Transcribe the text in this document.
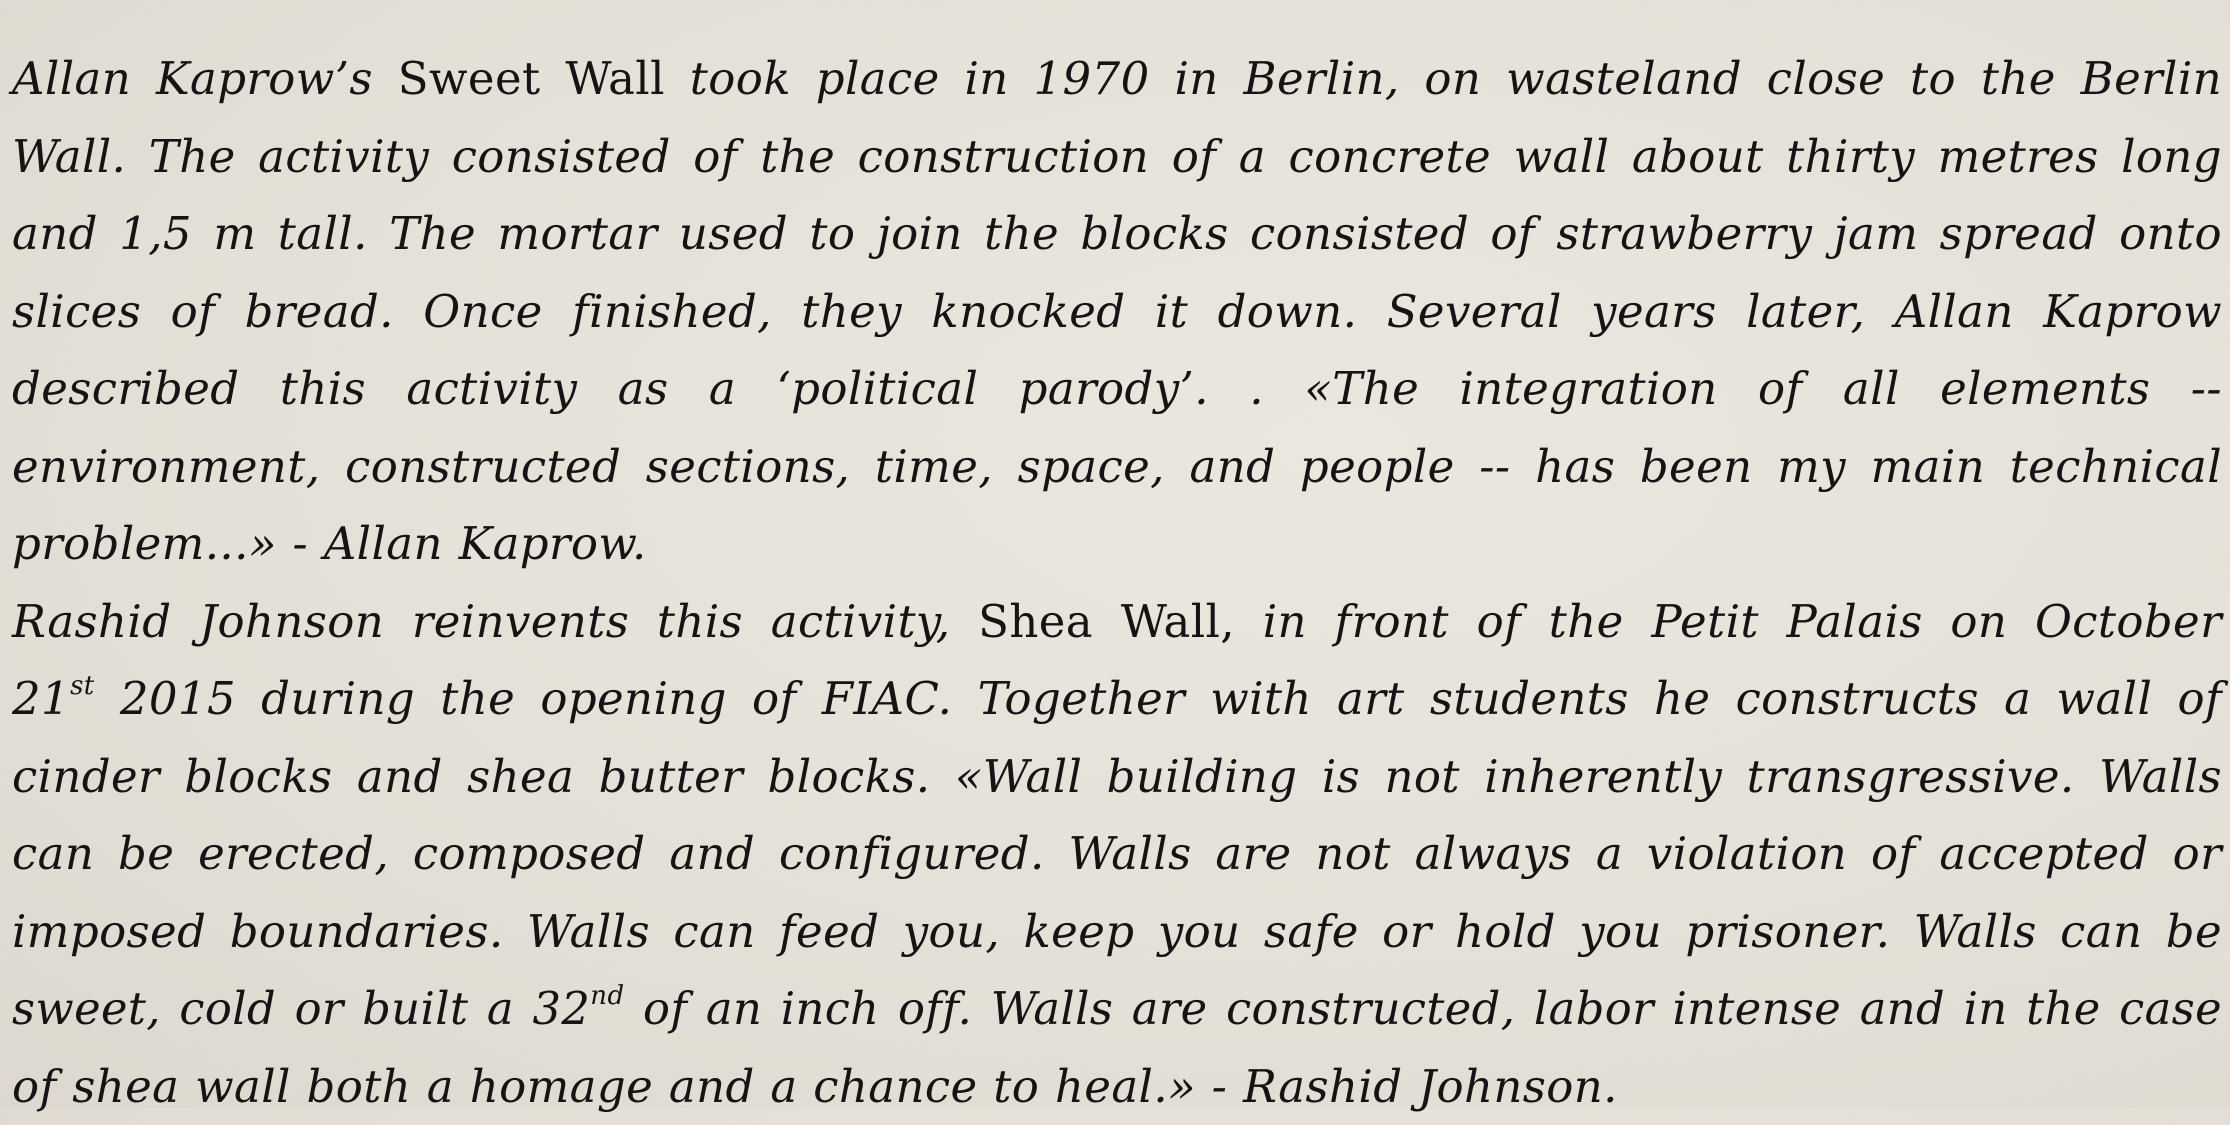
Allan Kaprow’s Sweet Wall took place in 1970 in Berlin, on wasteland close to the Berlin
Wall. The activity consisted of the construction of a concrete wall about thirty metres long
and 1,5 m tall. The mortar used to join the blocks consisted of strawberry jam spread onto
slices of bread. Once finished, they knocked it down. Several years later, Allan Kaprow
described this activity as a ‘political parody’. . «The integration of all elements --
environment, constructed sections, time, space, and people -- has been my main technical
problem...» - Allan Kaprow.
Rashid Johnson reinvents this activity, Shea Wall, in front of the Petit Palais on October
21st 2015 during the opening of FIAC. Together with art students he constructs a wall of
cinder blocks and shea butter blocks. «Wall building is not inherently transgressive. Walls
can be erected, composed and configured. Walls are not always a violation of accepted or
imposed boundaries. Walls can feed you, keep you safe or hold you prisoner. Walls can be
sweet, cold or built a 32nd of an inch off. Walls are constructed, labor intense and in the case
of shea wall both a homage and a chance to heal.» - Rashid Johnson.
